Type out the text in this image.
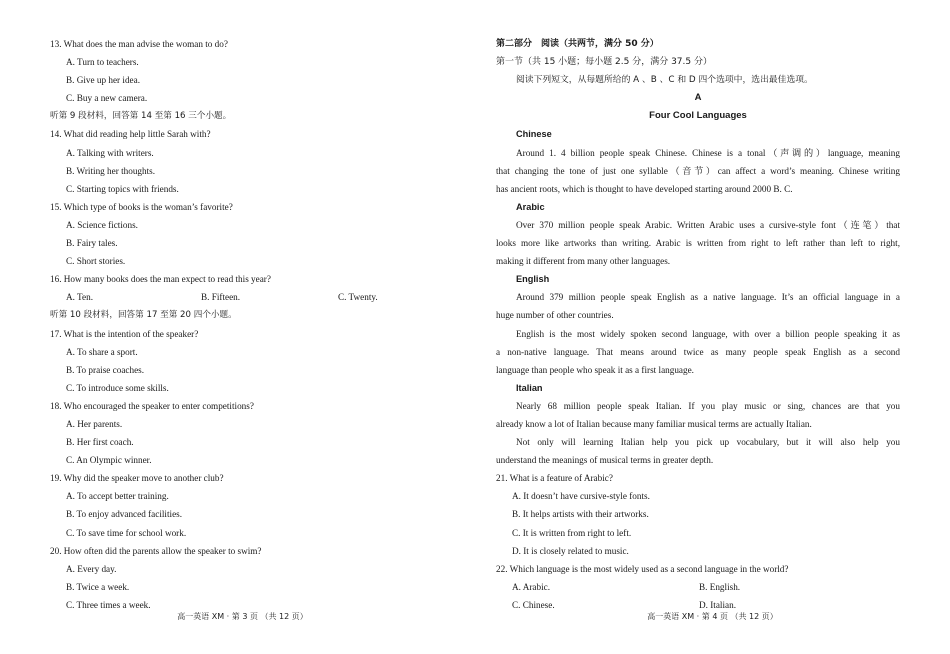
13. What does the man advise the woman to do?
A. Turn to teachers.
B. Give up her idea.
C. Buy a new camera.
听第 9 段材料，回答第 14 至第 16 三个小题。
14. What did reading help little Sarah with?
A. Talking with writers.
B. Writing her thoughts.
C. Starting topics with friends.
15. Which type of books is the woman’s favorite?
A. Science fictions.
B. Fairy tales.
C. Short stories.
16. How many books does the man expect to read this year?
A. Ten.	B. Fifteen.	C. Twenty.
听第 10 段材料，回答第 17 至第 20 四个小题。
17. What is the intention of the speaker?
A. To share a sport.
B. To praise coaches.
C. To introduce some skills.
18. Who encouraged the speaker to enter competitions?
A. Her parents.
B. Her first coach.
C. An Olympic winner.
19. Why did the speaker move to another club?
A. To accept better training.
B. To enjoy advanced facilities.
C. To save time for school work.
20. How often did the parents allow the speaker to swim?
A. Every day.
B. Twice a week.
C. Three times a week.
高一英语 XM · 第 3 页 （共 12 页）
第二部分　阅读（共两节，满分 50 分）
第一节（共 15 小题；每小题 2.5 分，满分 37.5 分）
阅读下列短文，从每题所给的 A 、B 、C 和 D 四个选项中，选出最佳选项。
A
Four Cool Languages
Chinese
Around 1. 4 billion people speak Chinese. Chinese is a tonal（声调的）language, meaning
that changing the tone of just one syllable（音节）can affect a word’s meaning. Chinese writing
has ancient roots, which is thought to have developed starting around 2000 B. C.
Arabic
Over 370 million people speak Arabic. Written Arabic uses a cursive-style font（连笔）that
looks more like artworks than writing. Arabic is written from right to left rather than left to right,
making it different from many other languages.
English
Around 379 million people speak English as a native language. It’s an official language in a
huge number of other countries.
English is the most widely spoken second language, with over a billion people speaking it as
a non-native language. That means around twice as many people speak English as a second
language than people who speak it as a first language.
Italian
Nearly 68 million people speak Italian. If you play music or sing, chances are that you
already know a lot of Italian because many familiar musical terms are actually Italian.
Not only will learning Italian help you pick up vocabulary, but it will also help you
understand the meanings of musical terms in greater depth.
21. What is a feature of Arabic?
A. It doesn’t have cursive-style fonts.
B. It helps artists with their artworks.
C. It is written from right to left.
D. It is closely related to music.
22. Which language is the most widely used as a second language in the world?
A. Arabic.	B. English.
C. Chinese.	D. Italian.
高一英语 XM · 第 4 页 （共 12 页）
